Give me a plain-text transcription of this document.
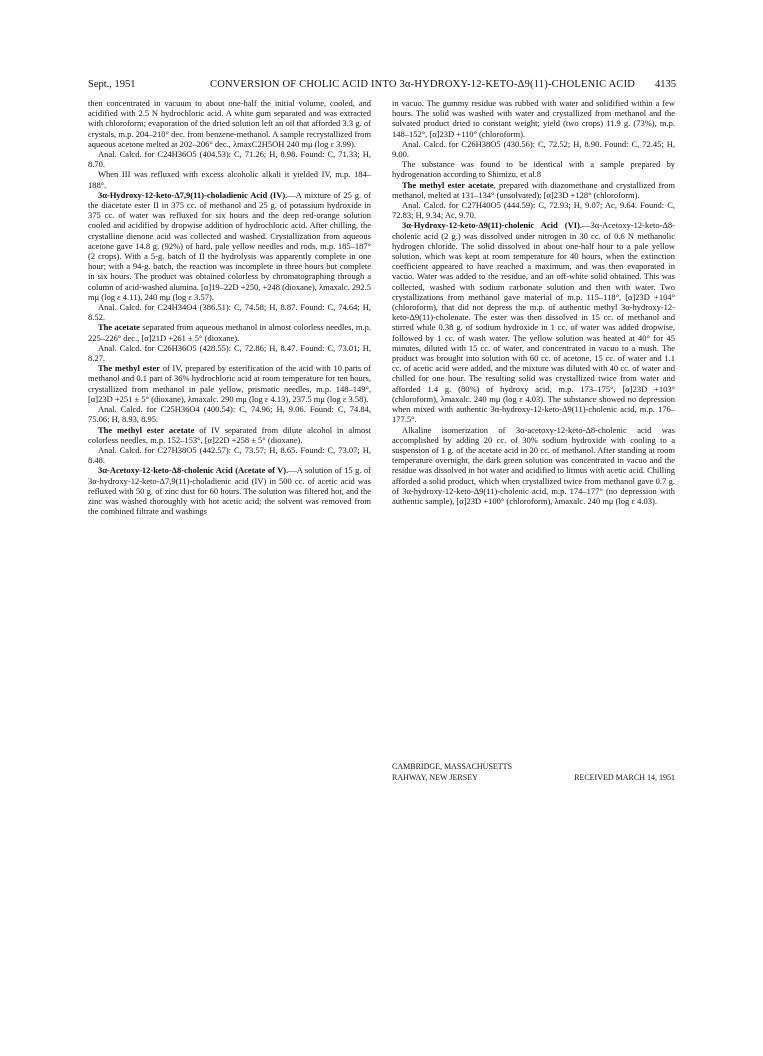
Sept., 1951	CONVERSION OF CHOLIC ACID INTO 3α-HYDROXY-12-KETO-Δ9(11)-CHOLENIC ACID 4135

then concentrated in vacuum to about one-half the initial volume, cooled, and acidified with 2.5 N hydrochloric acid. A white gum separated and was extracted with chloroform; evaporation of the dried solution left an oil that afforded 3.3 g. of crystals, m.p. 204–210° dec. from benzene-methanol. A sample recrystallized from aqueous acetone melted at 202–206° dec., λmaxC2H5OH 240 mμ (log ε 3.99).

Anal. Calcd. for C24H36O5 (404.53): C, 71.26; H, 8.98. Found: C, 71.33; H, 8.70.

When III was refluxed with excess alcoholic alkali it yielded IV, m.p. 184–188°.

3α-Hydroxy-12-keto-Δ7,9(11)-choladienic Acid (IV).—A mixture of 25 g. of the diacetate ester II in 375 cc. of methanol and 25 g. of potassium hydroxide in 375 cc. of water was refluxed for six hours and the deep red-orange solution cooled and acidified by dropwise addition of hydrochloric acid. After chilling, the crystalline dienone acid was collected and washed. Crystallization from aqueous acetone gave 14.8 g. (92%) of hard, pale yellow needles and rods, m.p. 185–187° (2 crops). With a 5-g. batch of II the hydrolysis was apparently complete in one hour; with a 94-g. batch, the reaction was incomplete in three hours but complete in six hours. The product was obtained colorless by chromatographing through a column of acid-washed alumina. [α]19–22D +250, +248 (dioxane), λmaxalc. 292.5 mμ (log ε 4.11), 240 mμ (log ε 3.57).

Anal. Calcd. for C24H34O4 (386.51): C, 74.58; H, 8.87. Found: C, 74.64; H, 8.52.

The acetate separated from aqueous methanol in almost colorless needles, m.p. 225–226° dec., [α]21D +261 ± 5° (dioxane).

Anal. Calcd. for C26H36O5 (428.55): C, 72.86; H, 8.47. Found: C, 73.01; H, 8.27.

The methyl ester of IV, prepared by esterification of the acid with 10 parts of methanol and 0.1 part of 36% hydrochloric acid at room temperature for ten hours, crystallized from methanol in pale yellow, prismatic needles, m.p. 148–149°, [α]23D +251 ± 5° (dioxane), λmaxalc. 290 mμ (log ε 4.13), 237.5 mμ (log ε 3.58).

Anal. Calcd. for C25H36O4 (400.54): C, 74.96; H, 9.06. Found: C, 74.84, 75.06; H, 8.93, 8.95.

The methyl ester acetate of IV separated from dilute alcohol in almost colorless needles, m.p. 152–153°, [α]22D +258 ± 5° (dioxane).

Anal. Calcd. for C27H38O5 (442.57): C, 73.57; H, 8.65. Found: C, 73.07; H, 8.48.

3α-Acetoxy-12-keto-Δ8-cholenic Acid (Acetate of V).—A solution of 15 g. of 3α-hydroxy-12-keto-Δ7,9(11)-choladienic acid (IV) in 500 cc. of acetic acid was refluxed with 50 g. of zinc dust for 60 hours. The solution was filtered hot, and the zinc was washed thoroughly with hot acetic acid; the solvent was removed from the combined filtrate and washings

in vacuo. The gummy residue was rubbed with water and solidified within a few hours. The solid was washed with water and crystallized from methanol and the solvated product dried to constant weight; yield (two crops) 11.9 g. (73%), m.p. 148–152°, [α]23D +110° (chloroform).

Anal. Calcd. for C26H38O5 (430.56): C, 72.52; H, 8.90. Found: C, 72.45; H, 9.00.

The substance was found to be identical with a sample prepared by hydrogenation according to Shimizu, et al.8

The methyl ester acetate, prepared with diazomethane and crystallized from methanol, melted at 131–134° (unsolvated); [α]23D +128° (chloroform).

Anal. Calcd. for C27H40O5 (444.59): C, 72.93; H, 9.07; Ac, 9.64. Found: C, 72.83; H, 9.34; Ac, 9.70.

3α-Hydroxy-12-keto-Δ9(11)-cholenic Acid (VI).—3α-Acetoxy-12-keto-Δ8-cholenic acid (2 g.) was dissolved under nitrogen in 30 cc. of 0.6 N methanolic hydrogen chloride. The solid dissolved in about one-half hour to a pale yellow solution, which was kept at room temperature for 40 hours, when the extinction coefficient appeared to have reached a maximum, and was then evaporated in vacuo. Water was added to the residue, and an off-white solid obtained. This was collected, washed with sodium carbonate solution and then with water. Two crystallizations from methanol gave material of m.p. 115–118°, [α]23D +104° (chloroform), that did not depress the m.p. of authentic methyl 3α-hydroxy-12-keto-Δ9(11)-cholenate. The ester was then dissolved in 15 cc. of methanol and stirred while 0.38 g. of sodium hydroxide in 1 cc. of water was added dropwise, followed by 1 cc. of wash water. The yellow solution was heated at 40° for 45 minutes, diluted with 15 cc. of water, and concentrated in vacuo to a mush. The product was brought into solution with 60 cc. of acetone, 15 cc. of water and 1.1 cc. of acetic acid were added, and the mixture was diluted with 40 cc. of water and chilled for one hour. The resulting solid was crystallized twice from water and afforded 1.4 g. (80%) of hydroxy acid, m.p. 173–175°, [α]23D +103° (chloroform), λmaxalc. 240 mμ (log ε 4.03). The substance showed no depression when mixed with authentic 3α-hydroxy-12-keto-Δ9(11)-cholenic acid, m.p. 176–177.5°.

Alkaline isomerization of 3α-acetoxy-12-keto-Δ8-cholenic acid was accomplished by adding 20 cc. of 30% sodium hydroxide with cooling to a suspension of 1 g. of the acetate acid in 20 cc. of methanol. After standing at room temperature overnight, the dark green solution was concentrated in vacuo and the residue was dissolved in hot water and acidified to litmus with acetic acid. Chilling afforded a solid product, which when crystallized twice from methanol gave 0.7 g. of 3α-hydroxy-12-keto-Δ9(11)-cholenic acid, m.p. 174–177° (no depression with authentic sample), [α]23D +100° (chloroform), λmaxalc. 240 mμ (log ε 4.03).

CAMBRIDGE, MASSACHUSETTS
RAHWAY, NEW JERSEY	RECEIVED MARCH 14, 1951
